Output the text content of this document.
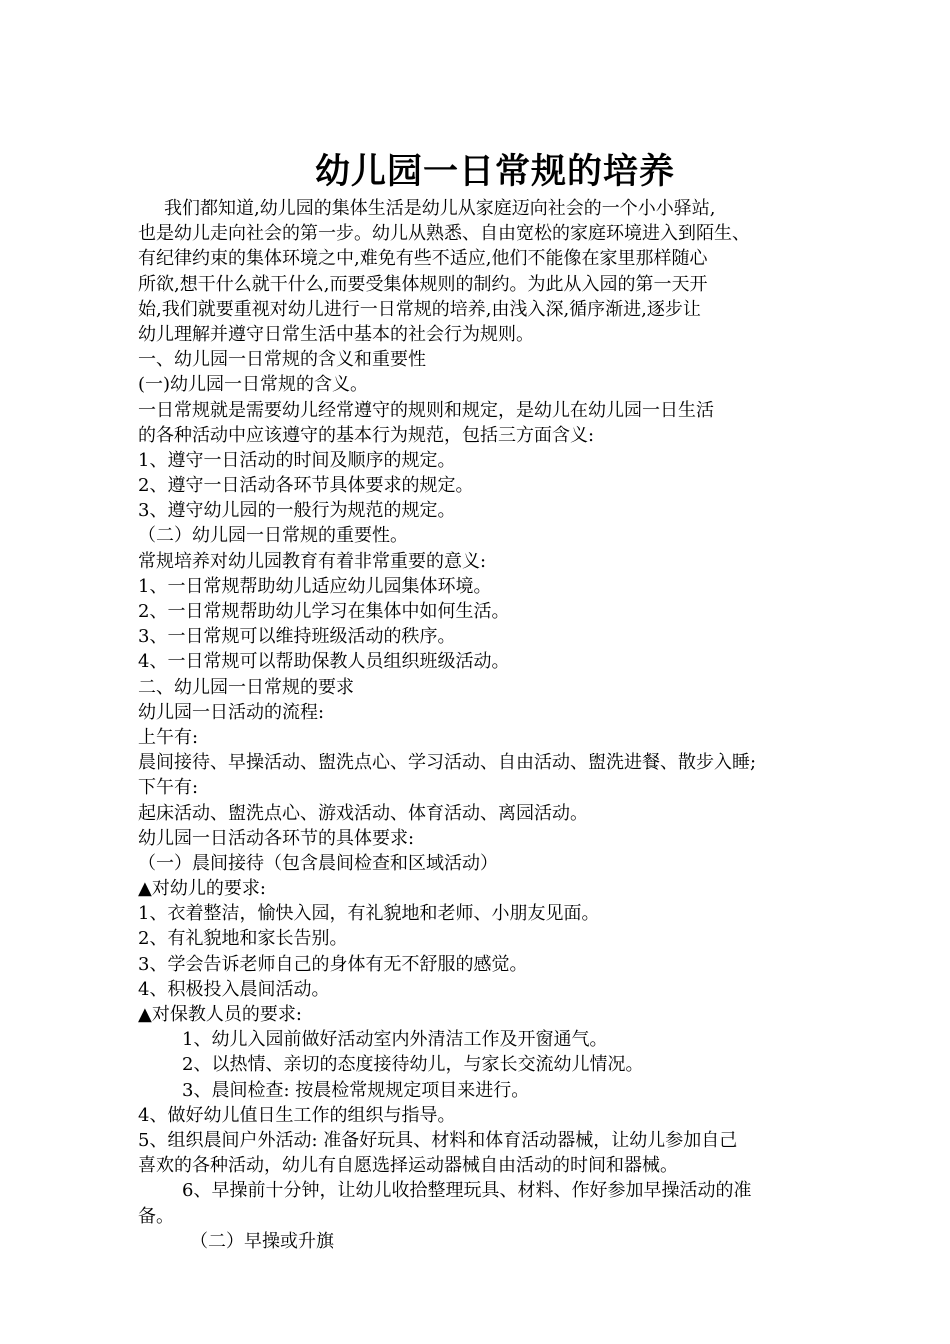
幼儿园一日常规的培养

我们都知道,幼儿园的集体生活是幼儿从家庭迈向社会的一个小小驿站,

也是幼儿走向社会的第一步。幼儿从熟悉、自由宽松的家庭环境进入到陌生、

有纪律约束的集体环境之中,难免有些不适应,他们不能像在家里那样随心

所欲,想干什么就干什么,而要受集体规则的制约。为此从入园的第一天开

始,我们就要重视对幼儿进行一日常规的培养,由浅入深,循序渐进,逐步让

幼儿理解并遵守日常生活中基本的社会行为规则。

一、幼儿园一日常规的含义和重要性

(一)幼儿园一日常规的含义。

一日常规就是需要幼儿经常遵守的规则和规定，是幼儿在幼儿园一日生活

的各种活动中应该遵守的基本行为规范，包括三方面含义:

1、遵守一日活动的时间及顺序的规定。

2、遵守一日活动各环节具体要求的规定。

3、遵守幼儿园的一般行为规范的规定。

（二）幼儿园一日常规的重要性。

常规培养对幼儿园教育有着非常重要的意义:

1、一日常规帮助幼儿适应幼儿园集体环境。

2、一日常规帮助幼儿学习在集体中如何生活。

3、一日常规可以维持班级活动的秩序。

4、一日常规可以帮助保教人员组织班级活动。

二、幼儿园一日常规的要求

幼儿园一日活动的流程:

上午有:

晨间接待、早操活动、盥洗点心、学习活动、自由活动、盥洗进餐、散步入睡;

下午有:

起床活动、盥洗点心、游戏活动、体育活动、离园活动。

幼儿园一日活动各环节的具体要求:

（一）晨间接待（包含晨间检查和区域活动）

▲对幼儿的要求:

1、衣着整洁，愉快入园，有礼貌地和老师、小朋友见面。

2、有礼貌地和家长告别。

3、学会告诉老师自己的身体有无不舒服的感觉。

4、积极投入晨间活动。

▲对保教人员的要求:

1、幼儿入园前做好活动室内外清洁工作及开窗通气。

2、以热情、亲切的态度接待幼儿，与家长交流幼儿情况。

3、晨间检查: 按晨检常规规定项目来进行。

4、做好幼儿值日生工作的组织与指导。

5、组织晨间户外活动: 准备好玩具、材料和体育活动器械，让幼儿参加自己

喜欢的各种活动，幼儿有自愿选择运动器械自由活动的时间和器械。

6、早操前十分钟，让幼儿收拾整理玩具、材料、作好参加早操活动的准

备。

（二）早操或升旗
